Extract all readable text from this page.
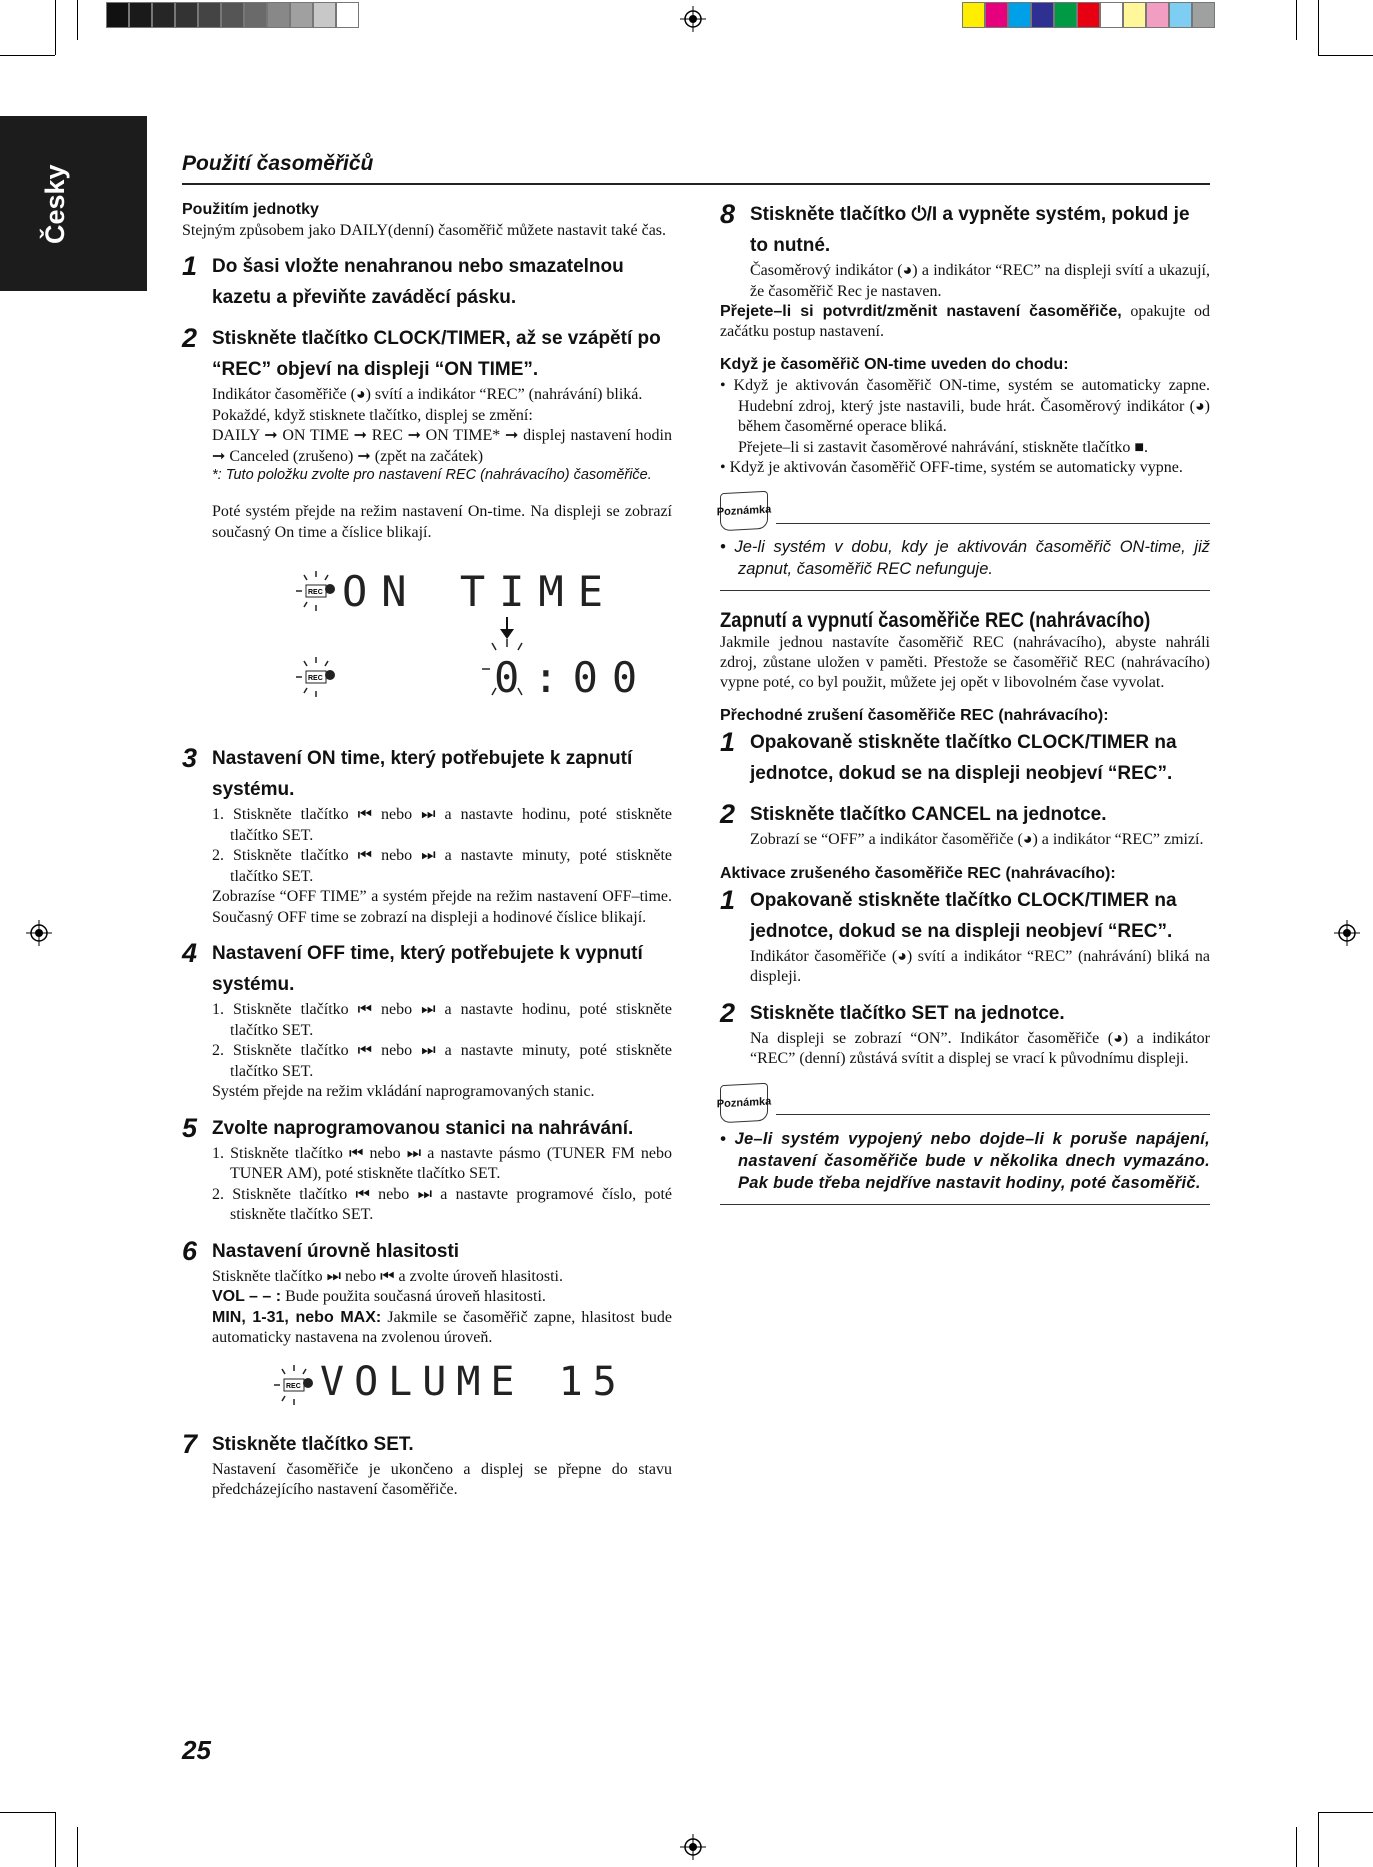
Česky
Použití časoměřičů
Použitím jednotky

Stejným způsobem jako DAILY(denní) časoměřič můžete nastavit také čas.

1 Do šasi vložte nenahranou nebo smazatelnou kazetu a převiňte zaváděcí pásku.
2 Stiskněte tlačítko CLOCK/TIMER, až se vzápětí po “REC” objeví na displeji “ON TIME”.

Indikátor časoměřiče (◕) svítí a indikátor “REC” (nahrávání) bliká.

Pokaždé, když stisknete tlačítko, displej se změní:

DAILY ➞ ON TIME ➞ REC ➞ ON TIME* ➞ displej nastavení hodin ➞ Canceled (zrušeno) ➞ (zpět na začátek)

*: Tuto položku zvolte pro nastavení REC (nahrávacího) časoměřiče.

Poté systém přejde na režim nastavení On-time. Na displeji se zobrazí současný On time a číslice blikají.

REC ON TIME
REC	0:00
3 Nastavení ON time, který potřebujete k zapnutí systému.

1. Stiskněte tlačítko ⏮ nebo ⏭ a nastavte hodinu, poté stiskněte tlačítko SET.

2. Stiskněte tlačítko ⏮ nebo ⏭ a nastavte minuty, poté stiskněte tlačítko SET.

Zobrazíse “OFF TIME” a systém přejde na režim nastavení OFF–time. Současný OFF time se zobrazí na displeji a hodinové číslice blikají.

4 Nastavení OFF time, který potřebujete k vypnutí systému.

1. Stiskněte tlačítko ⏮ nebo ⏭ a nastavte hodinu, poté stiskněte tlačítko SET.

2. Stiskněte tlačítko ⏮ nebo ⏭ a nastavte minuty, poté stiskněte tlačítko SET.

Systém přejde na režim vkládání naprogramovaných stanic.

5 Zvolte naprogramovanou stanici na nahrávání.

1. Stiskněte tlačítko ⏮ nebo ⏭ a nastavte pásmo (TUNER FM nebo TUNER AM), poté stiskněte tlačítko SET.

2. Stiskněte tlačítko ⏮ nebo ⏭ a nastavte programové číslo, poté stiskněte tlačítko SET.

6 Nastavení úrovně hlasitosti

Stiskněte tlačítko ⏭ nebo ⏮ a zvolte úroveň hlasitosti.

VOL – – : Bude použita současná úroveň hlasitosti.

MIN, 1-31, nebo MAX: Jakmile se časoměřič zapne, hlasitost bude automaticky nastavena na zvolenou úroveň.

REC VOLUME 15
7 Stiskněte tlačítko SET.

Nastavení časoměřiče je ukončeno a displej se přepne do stavu předcházejícího nastavení časoměřiče.

8 Stiskněte tlačítko ⏻/I a vypněte systém, pokud je to nutné.

Časoměrový indikátor (◕) a indikátor “REC” na displeji svítí a ukazují, že časoměřič Rec je nastaven.

Přejete–li si potvrdit/změnit nastavení časoměřiče, opakujte od začátku postup nastavení.

Když je časoměřič ON-time uveden do chodu:

• Když je aktivován časoměřič ON-time, systém se automaticky zapne. Hudební zdroj, který jste nastavili, bude hrát. Časoměrový indikátor (◕) během časoměrné operace bliká.

Přejete–li si zastavit časoměrové nahrávání, stiskněte tlačítko ■.

• Když je aktivován časoměřič OFF-time, systém se automaticky vypne.

Poznámka

• Je-li systém v dobu, kdy je aktivován časoměřič ON-time, již zapnut, časoměřič REC nefunguje.

Zapnutí a vypnutí časoměřiče REC (nahrávacího)

Jakmile jednou nastavíte časoměřič REC (nahrávacího), abyste nahráli zdroj, zůstane uložen v paměti. Přestože se časoměřič REC (nahrávacího) vypne poté, co byl použit, můžete jej opět v libovolném čase vyvolat.

Přechodné zrušení časoměřiče REC (nahrávacího):
1 Opakovaně stiskněte tlačítko CLOCK/TIMER na jednotce, dokud se na displeji neobjeví “REC”.
2 Stiskněte tlačítko CANCEL na jednotce.

Zobrazí se “OFF” a indikátor časoměřiče (◕) a indikátor “REC” zmizí.

Aktivace zrušeného časoměřiče REC (nahrávacího):
1 Opakovaně stiskněte tlačítko CLOCK/TIMER na jednotce, dokud se na displeji neobjeví “REC”.

Indikátor časoměřiče (◕) svítí a indikátor “REC” (nahrávání) bliká na displeji.

2 Stiskněte tlačítko SET na jednotce.

Na displeji se zobrazí “ON”. Indikátor časoměřiče (◕) a indikátor “REC” (denní) zůstává svítit a displej se vrací k původnímu displeji.

Poznámka

• Je–li systém vypojený nebo dojde–li k poruše napájení, nastavení časoměřiče bude v několika dnech vymazáno. Pak bude třeba nejdříve nastavit hodiny, poté časoměřič.

25
